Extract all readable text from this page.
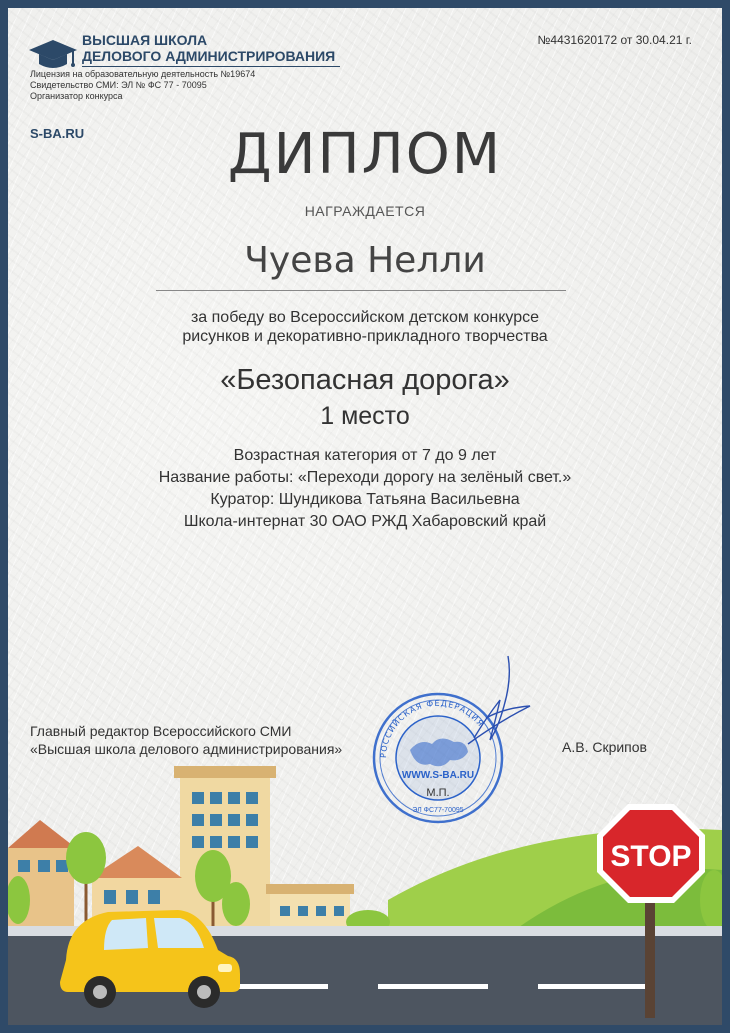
ВЫСШАЯ ШКОЛА
ДЕЛОВОГО АДМИНИСТРИРОВАНИЯ
Лицензия на образовательную деятельность №19674
Свидетельство СМИ: ЭЛ № ФС 77 - 70095
Организатор конкурса
S-BA.RU
№4431620172 от 30.04.21 г.
ДИПЛОМ
НАГРАЖДАЕТСЯ
Чуева Нелли
за победу во Всероссийском детском конкурсе
рисунков и декоративно-прикладного творчества
«Безопасная дорога»
1 место
Возрастная категория от 7 до 9 лет
Название работы: «Переходи дорогу на зелёный свет.»
Куратор: Шундикова Татьяна Васильевна
Школа-интернат 30 ОАО РЖД Хабаровский край
STOP
Главный редактор Всероссийского СМИ
«Высшая школа делового администрирования»	А.В. Скрипов
РОССИЙСКАЯ ФЕДЕРАЦИЯ
WWW.S-BA.RU
М.П.
ЭЛ ФС77-70095
